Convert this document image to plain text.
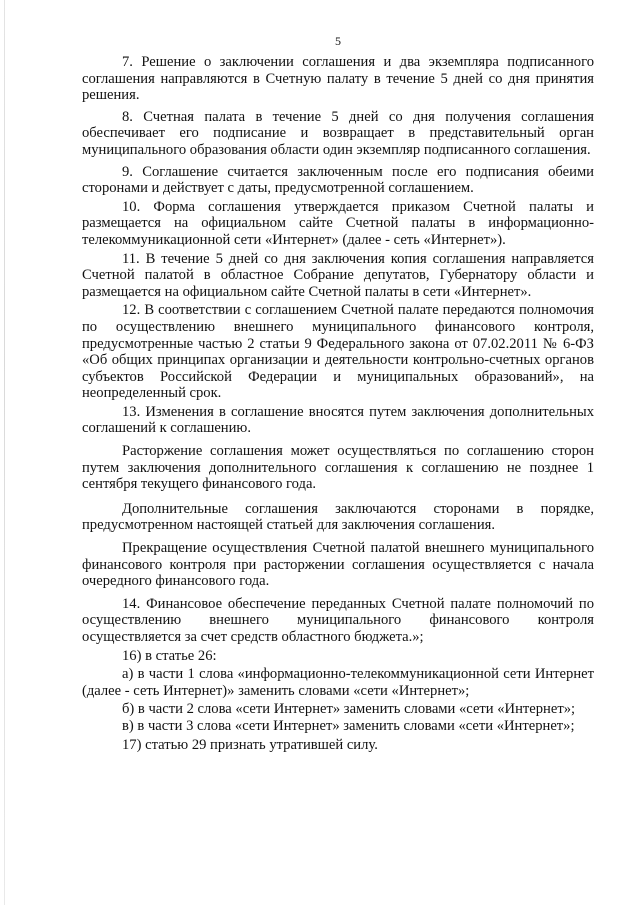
5

7. Решение о заключении соглашения и два экземпляра подписанного соглашения направляются в Счетную палату в течение 5 дней со дня принятия решения.

8. Счетная палата в течение 5 дней со дня получения соглашения обеспечивает его подписание и возвращает в представительный орган муниципального образования области один экземпляр подписанного соглашения.

9. Соглашение считается заключенным после его подписания обеими сторонами и действует с даты, предусмотренной соглашением.

10. Форма соглашения утверждается приказом Счетной палаты и размещается на официальном сайте Счетной палаты в информационно-телекоммуникационной сети «Интернет» (далее - сеть «Интернет»).

11. В течение 5 дней со дня заключения копия соглашения направляется Счетной палатой в областное Собрание депутатов, Губернатору области и размещается на официальном сайте Счетной палаты в сети «Интернет».

12. В соответствии с соглашением Счетной палате передаются полномочия по осуществлению внешнего муниципального финансового контроля, предусмотренные частью 2 статьи 9 Федерального закона от 07.02.2011 № 6-ФЗ «Об общих принципах организации и деятельности контрольно-счетных органов субъектов Российской Федерации и муниципальных образований», на неопределенный срок.

13. Изменения в соглашение вносятся путем заключения дополнительных соглашений к соглашению.

Расторжение соглашения может осуществляться по соглашению сторон путем заключения дополнительного соглашения к соглашению не позднее 1 сентября текущего финансового года.

Дополнительные соглашения заключаются сторонами в порядке, предусмотренном настоящей статьей для заключения соглашения.

Прекращение осуществления Счетной палатой внешнего муниципального финансового контроля при расторжении соглашения осуществляется с начала очередного финансового года.

14. Финансовое обеспечение переданных Счетной палате полномочий по осуществлению внешнего муниципального финансового контроля осуществляется за счет средств областного бюджета.»;

16) в статье 26:

а) в части 1 слова «информационно-телекоммуникационной сети Интернет (далее - сеть Интернет)» заменить словами «сети «Интернет»;

б) в части 2 слова «сети Интернет» заменить словами «сети «Интернет»;

в) в части 3 слова «сети Интернет» заменить словами «сети «Интернет»;

17) статью 29 признать утратившей силу.
